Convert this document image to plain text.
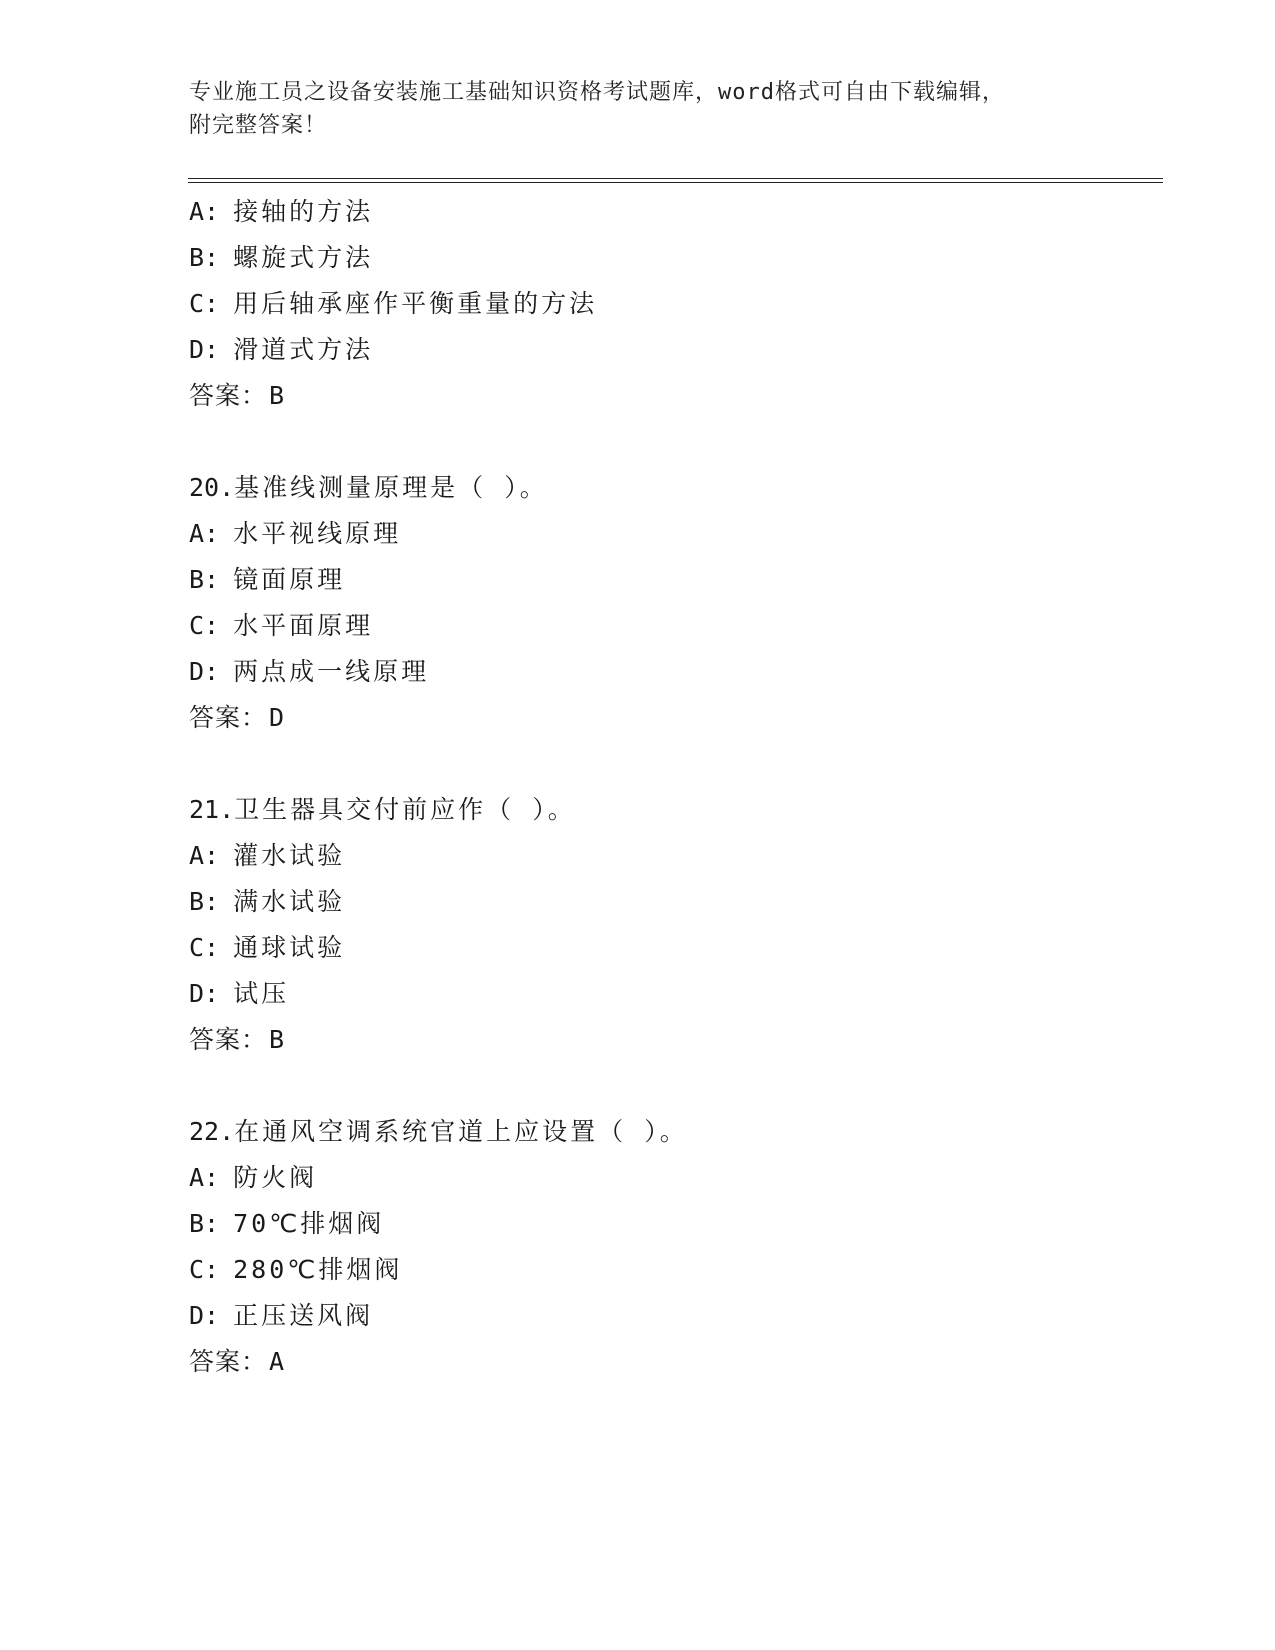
专业施工员之设备安装施工基础知识资格考试题库，word格式可自由下载编辑，
附完整答案！
A: 接轴的方法
B: 螺旋式方法
C: 用后轴承座作平衡重量的方法
D: 滑道式方法
答案：B
20.基准线测量原理是（ ）。
A: 水平视线原理
B: 镜面原理
C: 水平面原理
D: 两点成一线原理
答案：D
21.卫生器具交付前应作（ ）。
A: 灌水试验
B: 满水试验
C: 通球试验
D: 试压
答案：B
22.在通风空调系统官道上应设置（ ）。
A: 防火阀
B: 70℃排烟阀
C: 280℃排烟阀
D: 正压送风阀
答案：A
